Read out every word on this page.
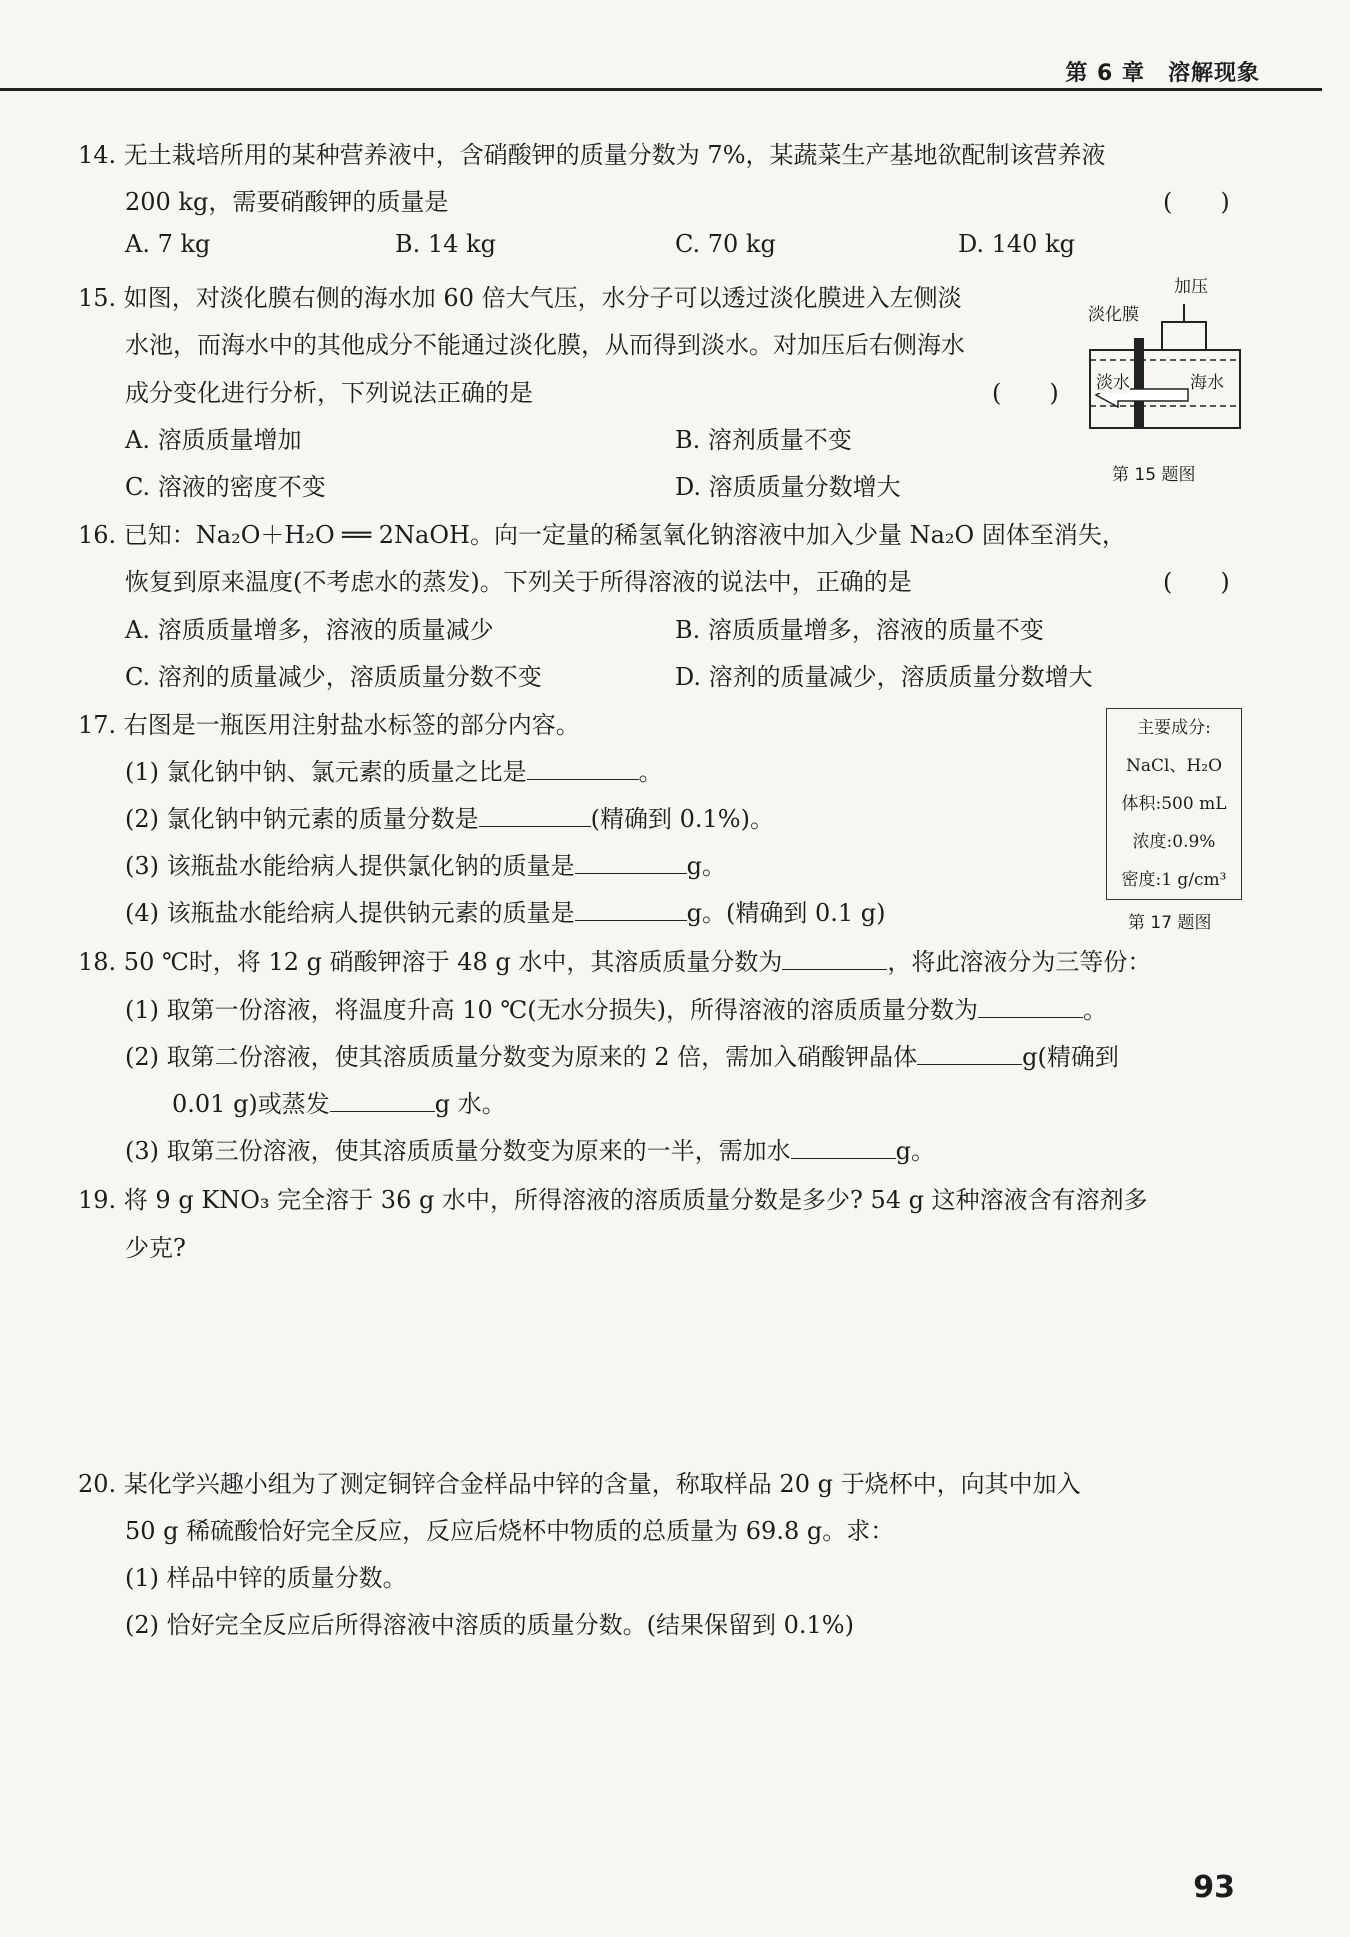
第 6 章　溶解现象
14. 无土栽培所用的某种营养液中，含硝酸钾的质量分数为 7%，某蔬菜生产基地欲配制该营养液
200 kg，需要硝酸钾的质量是	(　　)
A. 7 kg	B. 14 kg	C. 70 kg	D. 140 kg
15. 如图，对淡化膜右侧的海水加 60 倍大气压，水分子可以透过淡化膜进入左侧淡
水池，而海水中的其他成分不能通过淡化膜，从而得到淡水。对加压后右侧海水
成分变化进行分析，下列说法正确的是	(　　)
A. 溶质质量增加	B. 溶剂质量不变
C. 溶液的密度不变	D. 溶质质量分数增大
加压
淡化膜
淡水	海水
第 15 题图
16. 已知：Na₂O＋H₂O ══ 2NaOH。向一定量的稀氢氧化钠溶液中加入少量 Na₂O 固体至消失，
恢复到原来温度(不考虑水的蒸发)。下列关于所得溶液的说法中，正确的是	(　　)
A. 溶质质量增多，溶液的质量减少	B. 溶质质量增多，溶液的质量不变
C. 溶剂的质量减少，溶质质量分数不变	D. 溶剂的质量减少，溶质质量分数增大
17. 右图是一瓶医用注射盐水标签的部分内容。
(1) 氯化钠中钠、氯元素的质量之比是	。
(2) 氯化钠中钠元素的质量分数是	(精确到 0.1%)。
(3) 该瓶盐水能给病人提供氯化钠的质量是	g。
(4) 该瓶盐水能给病人提供钠元素的质量是	g。(精确到 0.1 g)
主要成分:
NaCl、H₂O
体积:500 mL
浓度:0.9%
密度:1 g/cm³
第 17 题图
18. 50 ℃时，将 12 g 硝酸钾溶于 48 g 水中，其溶质质量分数为	，将此溶液分为三等份：
(1) 取第一份溶液，将温度升高 10 ℃(无水分损失)，所得溶液的溶质质量分数为	。
(2) 取第二份溶液，使其溶质质量分数变为原来的 2 倍，需加入硝酸钾晶体	g(精确到
0.01 g)或蒸发	g 水。
(3) 取第三份溶液，使其溶质质量分数变为原来的一半，需加水	g。
19. 将 9 g KNO₃ 完全溶于 36 g 水中，所得溶液的溶质质量分数是多少? 54 g 这种溶液含有溶剂多
少克?
20. 某化学兴趣小组为了测定铜锌合金样品中锌的含量，称取样品 20 g 于烧杯中，向其中加入
50 g 稀硫酸恰好完全反应，反应后烧杯中物质的总质量为 69.8 g。求：
(1) 样品中锌的质量分数。
(2) 恰好完全反应后所得溶液中溶质的质量分数。(结果保留到 0.1%)
93
